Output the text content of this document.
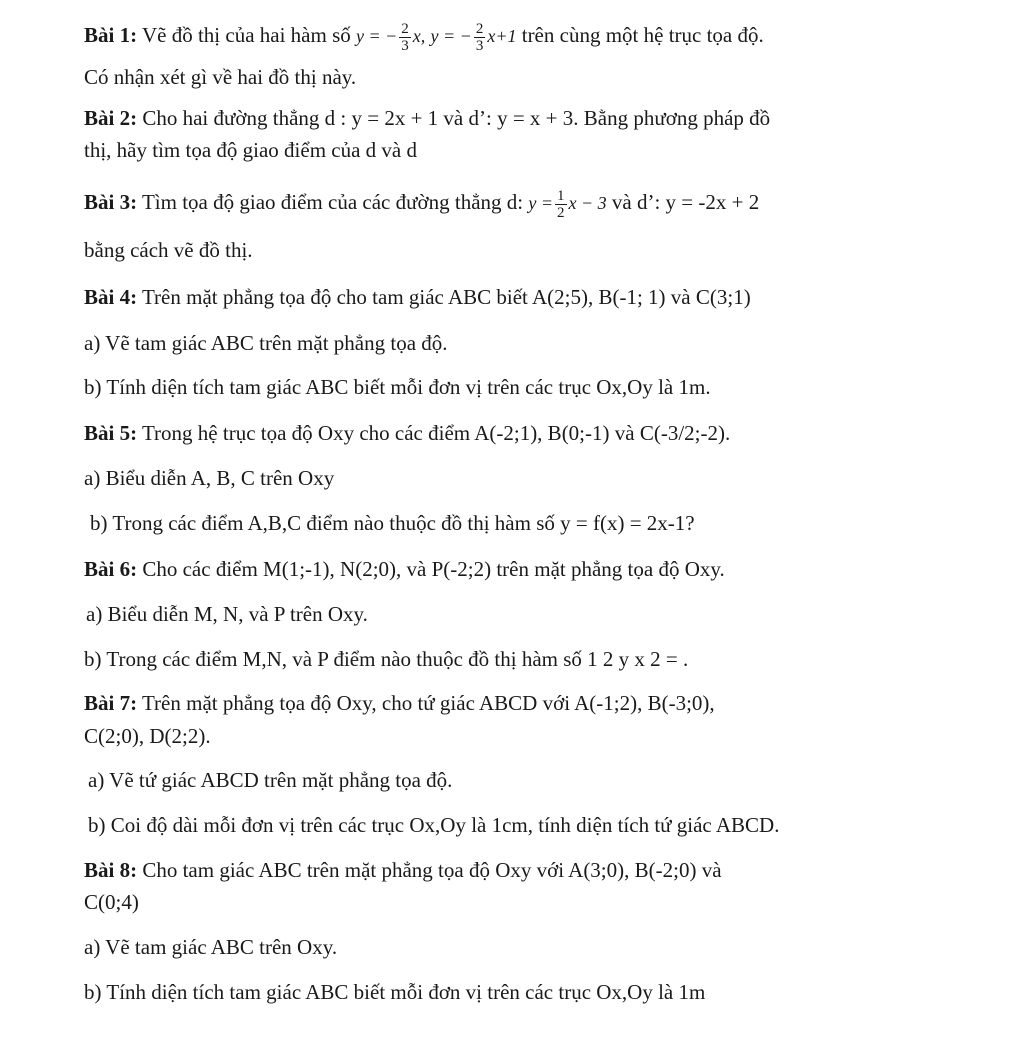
Bài 1: Vẽ đồ thị của hai hàm số y = − $\frac{2}{3} x$, y = − $\frac{2}{3} x+1$ trên cùng một hệ trục tọa độ.
Có nhận xét gì về hai đồ thị này.
Bài 2: Cho hai đường thẳng d : y = 2x + 1 và d’: y = x + 3. Bằng phương pháp đồ
thị, hãy tìm tọa độ giao điểm của d và d
Bài 3: Tìm tọa độ giao điểm của các đường thẳng d: $y = \frac{1}{2}$ x − 3 và d’: y = -2x + 2
bằng cách vẽ đồ thị.
Bài 4: Trên mặt phẳng tọa độ cho tam giác ABC biết A(2;5), B(-1; 1) và C(3;1)
a) Vẽ tam giác ABC trên mặt phẳng tọa độ.
b) Tính diện tích tam giác ABC biết mỗi đơn vị trên các trục Ox,Oy là 1m.
Bài 5: Trong hệ trục tọa độ Oxy cho các điểm A(-2;1), B(0;-1) và C(-3/2;-2).
a) Biểu diễn A, B, C trên Oxy
b) Trong các điểm A,B,C điểm nào thuộc đồ thị hàm số y = f(x) = 2x-1?
Bài 6: Cho các điểm M(1;-1), N(2;0), và P(-2;2) trên mặt phẳng tọa độ Oxy.
a) Biểu diễn M, N, và P trên Oxy.
b) Trong các điểm M,N, và P điểm nào thuộc đồ thị hàm số 1 2 y x 2 = .
Bài 7: Trên mặt phẳng tọa độ Oxy, cho tứ giác ABCD với A(-1;2), B(-3;0),
C(2;0), D(2;2).
a) Vẽ tứ giác ABCD trên mặt phẳng tọa độ.
b) Coi độ dài mỗi đơn vị trên các trục Ox,Oy là 1cm, tính diện tích tứ giác ABCD.
Bài 8: Cho tam giác ABC trên mặt phẳng tọa độ Oxy với A(3;0), B(-2;0) và
C(0;4)
a) Vẽ tam giác ABC trên Oxy.
b) Tính diện tích tam giác ABC biết mỗi đơn vị trên các trục Ox,Oy là 1m
